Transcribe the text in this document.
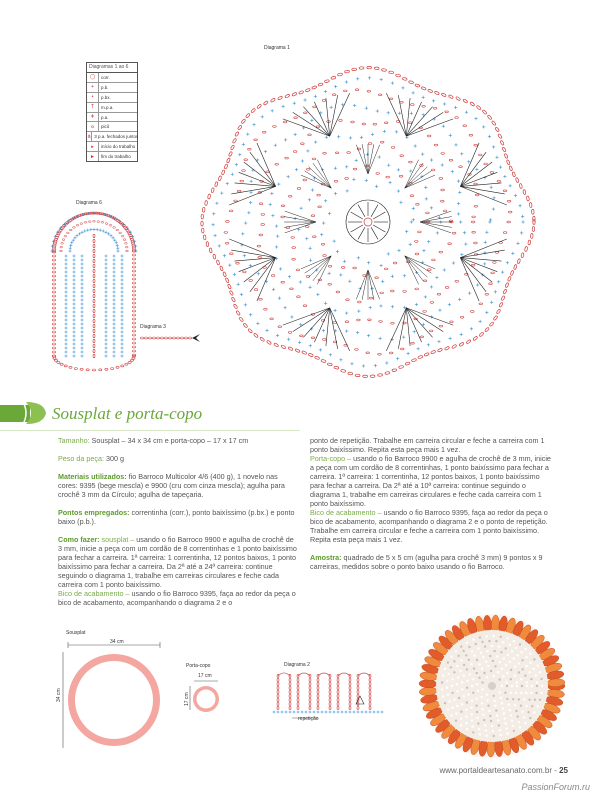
Diagrama 1
Diagramas 1 ao 6
◯	corr.
+	p.b.
•	p.bx.
T	m.p.a.
ǂ	p.a.
ᴑ	picô
⋔ 3 p.a. fechados juntos
▸	início do trabalho
►	fim do trabalho
Diagrama 6
Diagrama 3
Sousplat e porta-copo

Tamanho: Sousplat – 34 x 34 cm e porta-copo – 17 x 17 cm

Peso da peça: 300 g

Materiais utilizados: fio Barroco Multicolor 4/6 (400 g), 1 novelo nas cores: 9395 (bege mescla) e 9900 (cru com cinza mescla); agulha para crochê 3 mm da Círculo; agulha de tapeçaria.

Pontos empregados: correntinha (corr.), ponto baixíssimo (p.bx.) e ponto baixo (p.b.).

Como fazer: sousplat – usando o fio Barroco 9900 e agulha de crochê de 3 mm, inicie a peça com um cordão de 8 correntinhas e 1 ponto baixíssimo para fechar a carreira. 1ª carreira: 1 correntinha, 12 pontos baixos, 1 ponto baixíssimo para fechar a carreira. Da 2ª até a 24ª carreira: continue seguindo o diagrama 1, trabalhe em carreiras circulares e feche cada carreira com 1 ponto baixíssimo.
Bico de acabamento – usando o fio Barroco 9395, faça ao redor da peça o bico de acabamento, acompanhando o diagrama 2 e o

ponto de repetição. Trabalhe em carreira circular e feche a carreira com 1 ponto baixíssimo. Repita esta peça mais 1 vez.
Porta-copo – usando o fio Barroco 9900 e agulha de crochê de 3 mm, inicie a peça com um cordão de 8 correntinhas, 1 ponto baixíssimo para fechar a carreira. 1ª carreira: 1 correntinha, 12 pontos baixos, 1 ponto baixíssimo para fechar a carreira. Da 2ª até a 10ª carreira: continue seguindo o diagrama 1, trabalhe em carreiras circulares e feche cada carreira com 1 ponto baixíssimo.
Bico de acabamento – usando o fio Barroco 9395, faça ao redor da peça o bico de acabamento, acompanhando o diagrama 2 e o ponto de repetição. Trabalhe em carreira circular e feche a carreira com 1 ponto baixíssimo. Repita esta peça mais 1 vez.

Amostra: quadrado de 5 x 5 cm (agulha para crochê 3 mm) 9 pontos x 9 carreiras, medidos sobre o ponto baixo usando o fio Barroco.

Sousplat
34 cm
34 cm
Porta-copo
17 cm
17 cm
Diagrama 2
repetição
www.portaldeartesanato.com.br - 25
PassionForum.ru
